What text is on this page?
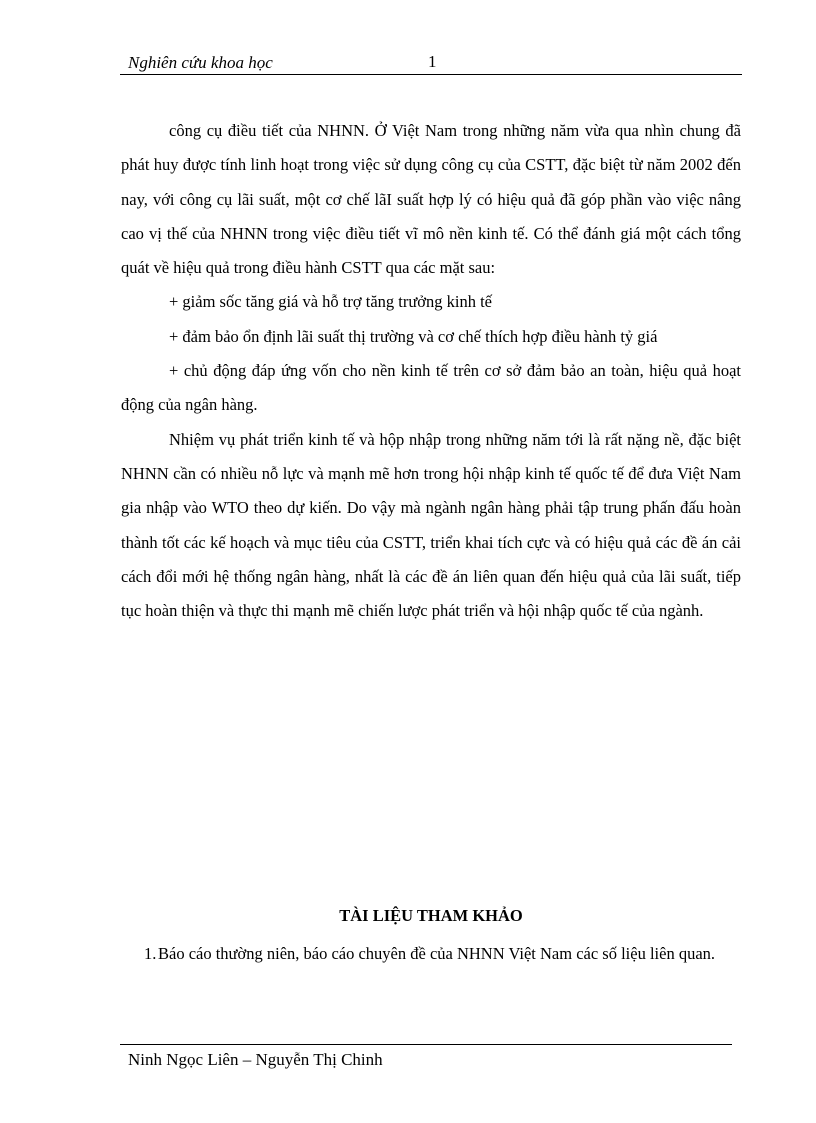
Nghiên cứu khoa học	1

công cụ điều tiết của NHNN. Ở Việt Nam trong những năm vừa qua nhìn chung đã phát huy được tính linh hoạt trong việc sử dụng công cụ của CSTT, đặc biệt từ năm 2002 đến nay, với công cụ lãi suất, một cơ chế lãI suất hợp lý có hiệu quả đã góp phần vào việc nâng cao vị thế của NHNN trong việc điều tiết vĩ mô nền kinh tế. Có thể đánh giá một cách tổng quát về hiệu quả trong điều hành CSTT qua các mặt sau:

+ giảm sốc tăng giá và hỗ trợ tăng trưởng kinh tế

+ đảm bảo ổn định lãi suất thị trường và cơ chế thích hợp điều hành tỷ giá

+ chủ động đáp ứng vốn cho nền kinh tế trên cơ sở đảm bảo an toàn, hiệu quả hoạt động của ngân hàng.

Nhiệm vụ phát triển kinh tế và hộp nhập trong những năm tới là rất nặng nề, đặc biệt NHNN cần có nhiều nỗ lực và mạnh mẽ hơn trong hội nhập kinh tế quốc tế để đưa Việt Nam gia nhập vào WTO theo dự kiến. Do vậy mà ngành ngân hàng phải tập trung phấn đấu hoàn thành tốt các kế hoạch và mục tiêu của CSTT, triển khai tích cực và có hiệu quả các đề án cải cách đổi mới hệ thống ngân hàng, nhất là các đề án liên quan đến hiệu quả của lãi suất, tiếp tục hoàn thiện và thực thi mạnh mẽ chiến lược phát triển và hội nhập quốc tế của ngành.

TÀI LIỆU THAM KHẢO
1. Báo cáo thường niên, báo cáo chuyên đề của NHNN Việt Nam các số liệu liên quan.
Ninh Ngọc Liên – Nguyễn Thị Chinh
